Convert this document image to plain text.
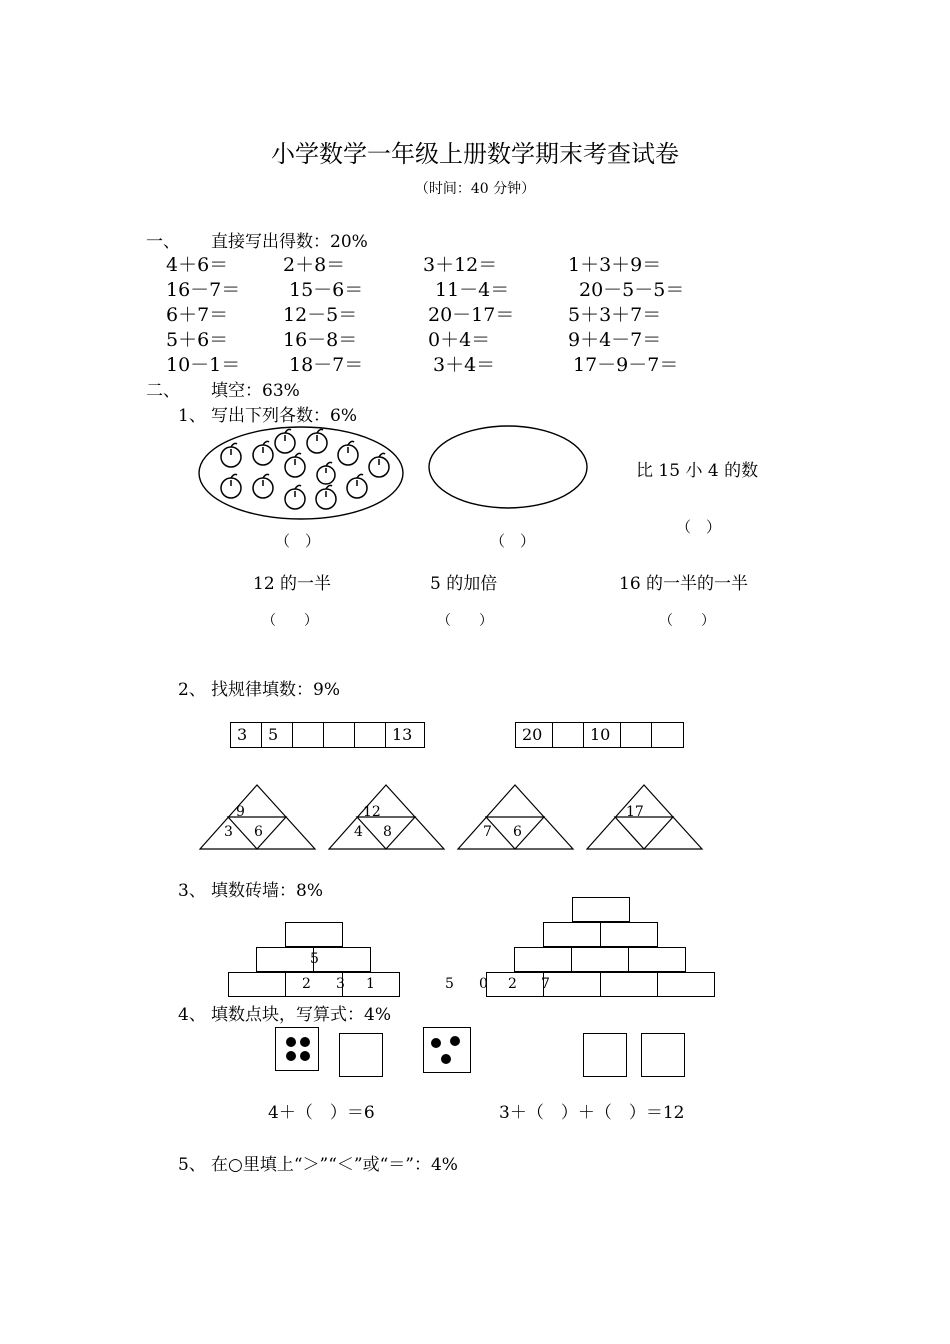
小学数学一年级上册数学期末考查试卷
（时间：40 分钟）
一、 直接写出得数：20%
4＋6＝	2＋8＝	3＋12＝	1＋3＋9＝
16－7＝	15－6＝	11－4＝	20－5－5＝
6＋7＝	12－5＝	20－17＝	5＋3＋7＝
5＋6＝	16－8＝	0＋4＝	9＋4－7＝
10－1＝	18－7＝	3＋4＝	17－9－7＝
二、 填空：63%
1、 写出下列各数：6%
（　）	（　）
比 15 小 4 的数
（　）
12 的一半	5 的加倍	16 的一半的一半
（　　）	（　　）	（　　）
2、 找规律填数：9%
3	5	13	20	10
9
3 6
12
4 8	7 6
17
3、 填数砖墙：8%
5
2 3 1	5 0 2 7
4、 填数点块，写算式：4%
4＋（　）＝6	3＋（　）＋（　）＝12
5、 在○里填上“＞”“＜”或“＝”：4%
